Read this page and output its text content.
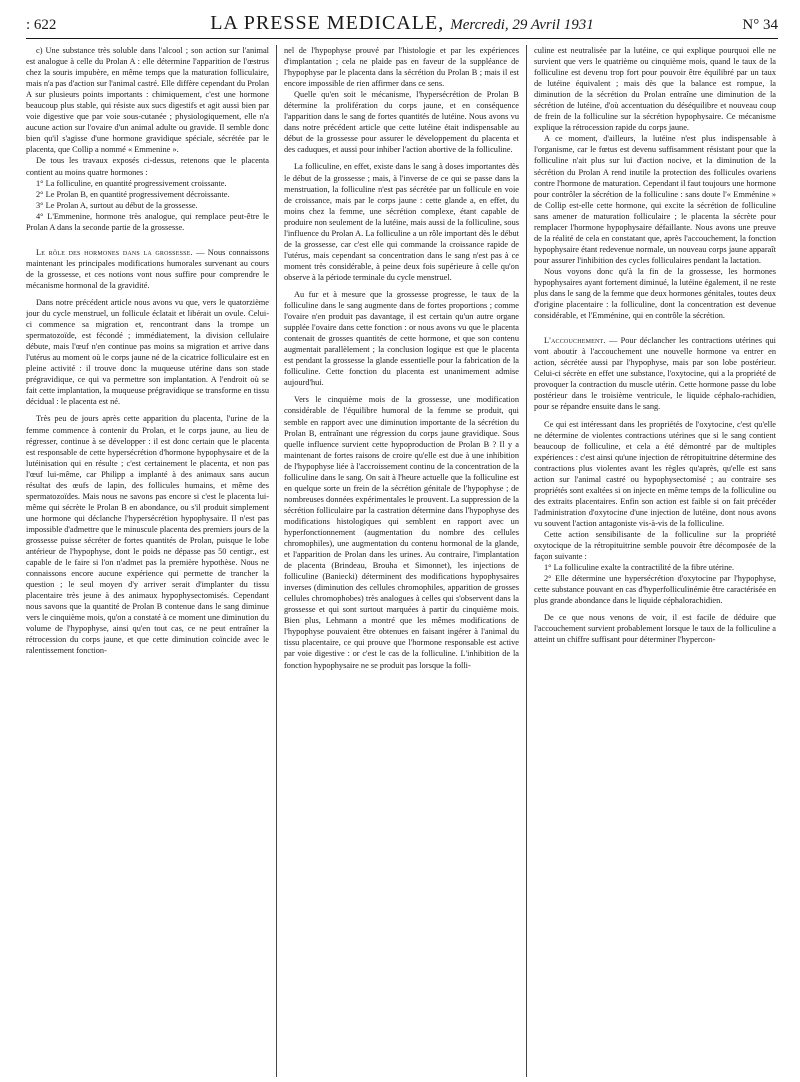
: 622	LA PRESSE MEDICALE, Mercredi, 29 Avril 1931	N° 34

c) Une substance très soluble dans l'alcool ; son action sur l'animal est analogue à celle du Prolan A : elle détermine l'apparition de l'œstrus chez la souris impubère, en même temps que la maturation folliculaire, mais n'a pas d'action sur l'animal castré. Elle diffère cependant du Prolan A sur plusieurs points importants : chimiquement, c'est une hormone beaucoup plus stable, qui résiste aux sucs digestifs et agit aussi bien par voie digestive que par voie sous-cutanée ; physiologiquement, elle n'a aucune action sur l'ovaire d'un animal adulte ou gravide. Il semble donc bien qu'il s'agisse d'une hormone gravidique spéciale, sécrétée par le placenta, que Collip a nommé « Emmenine ».

De tous les travaux exposés ci-dessus, retenons que le placenta contient au moins quatre hormones :

1° La folliculine, en quantité progressivement croissante.

2° Le Prolan B, en quantité progressivement décroissante.

3° Le Prolan A, surtout au début de la grossesse.

4° L'Emmenine, hormone très analogue, qui remplace peut-être le Prolan A dans la seconde partie de la grossesse.

Le rôle des hormones dans la grossesse. — Nous connaissons maintenant les principales modifications humorales survenant au cours de la grossesse, et ces notions vont nous suffire pour comprendre le mécanisme hormonal de la gravidité.

Dans notre précédent article nous avons vu que, vers le quatorzième jour du cycle menstruel, un follicule éclatait et libérait un ovule. Celui-ci commence sa migration et, rencontrant dans la trompe un spermatozoïde, est fécondé ; immédiatement, la division cellulaire débute, mais l'œuf n'en continue pas moins sa migration et arrive dans l'utérus au moment où le corps jaune né de la cicatrice folliculaire est en pleine activité : il trouve donc la muqueuse utérine dans son stade prégravidique, ce qui va permettre son implantation. A l'endroit où se fait cette implantation, la muqueuse prégravidique se transforme en tissu décidual : le placenta est né.

Très peu de jours après cette apparition du placenta, l'urine de la femme commence à contenir du Prolan, et le corps jaune, au lieu de régresser, continue à se développer : il est donc certain que le placenta est responsable de cette hypersécrétion d'hormone hypophysaire et de la lutéinisation qui en résulte ; c'est certainement le placenta, et non pas l'œuf lui-même, car Philipp a implanté à des animaux sans aucun résultat des œufs de lapin, des follicules humains, et même des spermatozoïdes. Mais nous ne savons pas encore si c'est le placenta lui-même qui sécrète le Prolan B en abondance, ou s'il produit simplement une hormone qui déclanche l'hypersécrétion hypophysaire. Il n'est pas impossible d'admettre que le minuscule placenta des premiers jours de la grossesse puisse sécréter de fortes quantités de Prolan, puisque le lobe antérieur de l'hypophyse, dont le poids ne dépasse pas 50 centigr., est capable de le faire si l'on n'admet pas la première hypothèse. Nous ne connaissons encore aucune expérience qui permette de trancher la question ; le seul moyen d'y arriver serait d'implanter du tissu placentaire très jeune à des animaux hypophysectomisés. Cependant nous savons que la quantité de Prolan B contenue dans le sang diminue vers le cinquième mois, qu'on a constaté à ce moment une diminution du volume de l'hypophyse, ainsi qu'en tout cas, ce ne peut entraîner la rétrocession du corps jaune, et que cette diminution coïncide avec le ralentissement fonction-

nel de l'hypophyse prouvé par l'histologie et par les expériences d'implantation ; cela ne plaide pas en faveur de la suppléance de l'hypophyse par le placenta dans la sécrétion du Prolan B ; mais il est encore impossible de rien affirmer dans ce sens.

Quelle qu'en soit le mécanisme, l'hypersécrétion de Prolan B détermine la prolifération du corps jaune, et en conséquence l'apparition dans le sang de fortes quantités de lutéine. Nous avons vu dans notre précédent article que cette lutéine était indispensable au début de la grossesse pour assurer le développement du placenta et des caduques, et aussi pour inhiber l'action abortive de la folliculine.

La folliculine, en effet, existe dans le sang à doses importantes dès le début de la grossesse ; mais, à l'inverse de ce qui se passe dans la menstruation, la folliculine n'est pas sécrétée par un follicule en voie de croissance, mais par le corps jaune : cette glande a, en effet, du moins chez la femme, une sécrétion complexe, étant capable de produire non seulement de la lutéine, mais aussi de la folliculine, sous l'influence du Prolan A. La folliculine a un rôle important dès le début de la grossesse, car c'est elle qui commande la croissance rapide de l'utérus, mais cependant sa concentration dans le sang n'est pas à ce moment très considérable, à peine deux fois supérieure à celle qu'on observe à la période terminale du cycle menstruel.

Au fur et à mesure que la grossesse progresse, le taux de la folliculine dans le sang augmente dans de fortes proportions ; comme l'ovaire n'en produit pas davantage, il est certain qu'un autre organe supplée l'ovaire dans cette fonction : or nous avons vu que le placenta contenait de grosses quantités de cette hormone, et que son contenu augmentait parallèlement ; la conclusion logique est que le placenta est pendant la grossesse la glande essentielle pour la fabrication de la folliculine. Cette fonction du placenta est unanimement admise aujourd'hui.

Vers le cinquième mois de la grossesse, une modification considérable de l'équilibre humoral de la femme se produit, qui semble en rapport avec une diminution importante de la sécrétion du Prolan B, entraînant une régression du corps jaune gravidique. Sous quelle influence survient cette hypoproduction de Prolan B ? Il y a maintenant de fortes raisons de croire qu'elle est due à une inhibition de l'hypophyse liée à l'accroissement continu de la concentration de la folliculine dans le sang. On sait à l'heure actuelle que la folliculine est en quelque sorte un frein de la sécrétion génitale de l'hypophyse ; de nombreuses données expérimentales le prouvent. La suppression de la sécrétion folliculaire par la castration détermine dans l'hypophyse des modifications histologiques qui semblent en rapport avec un hyperfonctionnement (augmentation du nombre des cellules chromophiles), une augmentation du contenu hormonal de la glande, et l'apparition de Prolan dans les urines. Au contraire, l'implantation de placenta (Brindeau, Brouha et Simonnet), les injections de folliculine (Baniecki) déterminent des modifications hypophysaires inverses (diminution des cellules chromophiles, apparition de grosses cellules chromophobes) très analogues à celles qui s'observent dans la grossesse et qui sont surtout marquées à partir du cinquième mois. Bien plus, Lehmann a montré que les mêmes modifications de l'hypophyse pouvaient être obtenues en faisant ingérer à l'animal du tissu placentaire, ce qui prouve que l'hormone responsable est active par voie digestive : or c'est le cas de la folliculine. L'inhibition de la fonction hypophysaire ne se produit pas lorsque la folli-

culine est neutralisée par la lutéine, ce qui explique pourquoi elle ne survient que vers le quatrième ou cinquième mois, quand le taux de la folliculine est devenu trop fort pour pouvoir être équilibré par un taux de lutéine équivalent ; mais dès que la balance est rompue, la diminution de la sécrétion du Prolan entraîne une diminution de la sécrétion de lutéine, d'où accentuation du déséquilibre et nouveau coup de frein de la folliculine sur la sécrétion hypophysaire. Ce mécanisme explique la rétrocession rapide du corps jaune.

A ce moment, d'ailleurs, la lutéine n'est plus indispensable à l'organisme, car le fœtus est devenu suffisamment résistant pour que la folliculine n'ait plus sur lui d'action nocive, et la diminution de la sécrétion du Prolan A rend inutile la protection des follicules ovariens contre l'hormone de maturation. Cependant il faut toujours une hormone pour contrôler la sécrétion de la folliculine : sans doute l'« Emménine » de Collip est-elle cette hormone, qui excite la sécrétion de folliculine sans amener de maturation folliculaire ; le placenta la sécrète pour remplacer l'hormone hypophysaire défaillante. Nous avons une preuve de la réalité de cela en constatant que, après l'accouchement, la fonction hypophysaire étant redevenue normale, un nouveau corps jaune apparaît pour assurer l'inhibition des cycles folliculaires pendant la lactation.

Nous voyons donc qu'à la fin de la grossesse, les hormones hypophysaires ayant fortement diminué, la lutéine également, il ne reste plus dans le sang de la femme que deux hormones génitales, toutes deux d'origine placentaire : la folliculine, dont la concentration est devenue considérable, et l'Emménine, qui en contrôle la sécrétion.

L'accouchement. — Pour déclancher les contractions utérines qui vont aboutir à l'accouchement une nouvelle hormone va entrer en action, sécrétée aussi par l'hypophyse, mais par son lobe postérieur. Celui-ci sécrète en effet une substance, l'oxytocine, qui a la propriété de provoquer la contraction du muscle utérin. Cette hormone passe du lobe postérieur dans le troisième ventricule, le liquide céphalo-rachidien, pour se répandre ensuite dans le sang.

Ce qui est intéressant dans les propriétés de l'oxytocine, c'est qu'elle ne détermine de violentes contractions utérines que si le sang contient beaucoup de folliculine, et cela a été démontré par de multiples expériences : c'est ainsi qu'une injection de rétropituitrine détermine des contractions plus violentes avant les règles qu'après, qu'elle est sans action sur l'animal castré ou hypophysectomisé ; au contraire ses propriétés sont exaltées si on injecte en même temps de la folliculine ou des extraits placentaires. Enfin son action est faible si on fait précéder l'administration d'oxytocine d'une injection de lutéine, dont nous avons vu souvent l'action antagoniste vis-à-vis de la folliculine.

Cette action sensibilisante de la folliculine sur la propriété oxytocique de la rétropituitrine semble pouvoir être décomposée de la façon suivante :

1° La folliculine exalte la contractilité de la fibre utérine.

2° Elle détermine une hypersécrétion d'oxytocine par l'hypophyse, cette substance pouvant en cas d'hyperfolliculinémie être caractérisée en plus grande abondance dans le liquide céphalorachidien.

De ce que nous venons de voir, il est facile de déduire que l'accouchement survient probablement lorsque le taux de la folliculine a atteint un chiffre suffisant pour déterminer l'hypercon-
